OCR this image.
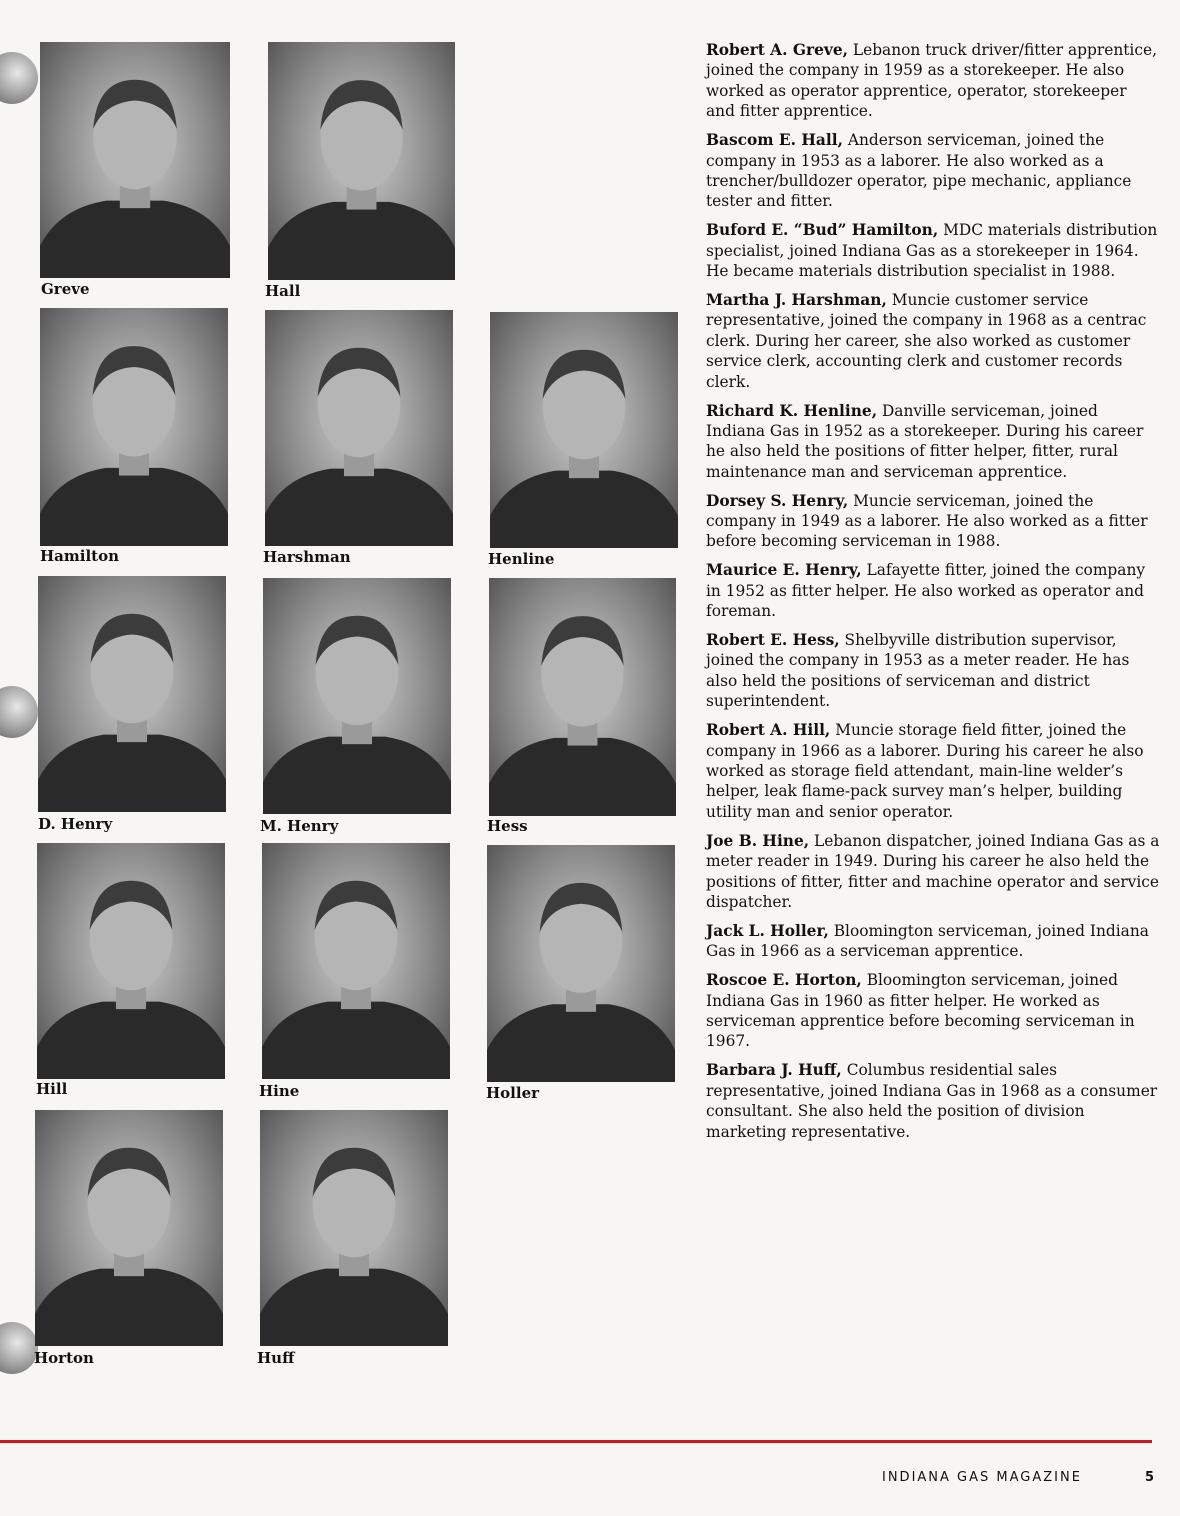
Greve	Hall
Hamilton	Harshman	Henline
D. Henry	M. Henry	Hess
Hill	Hine	Holler
Horton	Huff

Robert A. Greve, Lebanon truck driver/fitter apprentice, joined the company in 1959 as a storekeeper. He also worked as operator apprentice, operator, storekeeper and fitter apprentice.

Bascom E. Hall, Anderson serviceman, joined the company in 1953 as a laborer. He also worked as a trencher/bulldozer operator, pipe mechanic, appliance tester and fitter.

Buford E. “Bud” Hamilton, MDC materials distribution specialist, joined Indiana Gas as a storekeeper in 1964. He became materials distribution specialist in 1988.

Martha J. Harshman, Muncie customer service representative, joined the company in 1968 as a centrac clerk. During her career, she also worked as customer service clerk, accounting clerk and customer records clerk.

Richard K. Henline, Danville serviceman, joined Indiana Gas in 1952 as a storekeeper. During his career he also held the positions of fitter helper, fitter, rural maintenance man and serviceman apprentice.

Dorsey S. Henry, Muncie serviceman, joined the company in 1949 as a laborer. He also worked as a fitter before becoming serviceman in 1988.

Maurice E. Henry, Lafayette fitter, joined the company in 1952 as fitter helper. He also worked as operator and foreman.

Robert E. Hess, Shelbyville distribution supervisor, joined the company in 1953 as a meter reader. He has also held the positions of serviceman and district superintendent.

Robert A. Hill, Muncie storage field fitter, joined the company in 1966 as a laborer. During his career he also worked as storage field attendant, main-line welder’s helper, leak flame-pack survey man’s helper, building utility man and senior operator.

Joe B. Hine, Lebanon dispatcher, joined Indiana Gas as a meter reader in 1949. During his career he also held the positions of fitter, fitter and machine operator and service dispatcher.

Jack L. Holler, Bloomington serviceman, joined Indiana Gas in 1966 as a serviceman apprentice.

Roscoe E. Horton, Bloomington serviceman, joined Indiana Gas in 1960 as fitter helper. He worked as serviceman apprentice before becoming serviceman in 1967.

Barbara J. Huff, Columbus residential sales representative, joined Indiana Gas in 1968 as a consumer consultant. She also held the position of division marketing representative.

INDIANA GAS MAGAZINE	5
